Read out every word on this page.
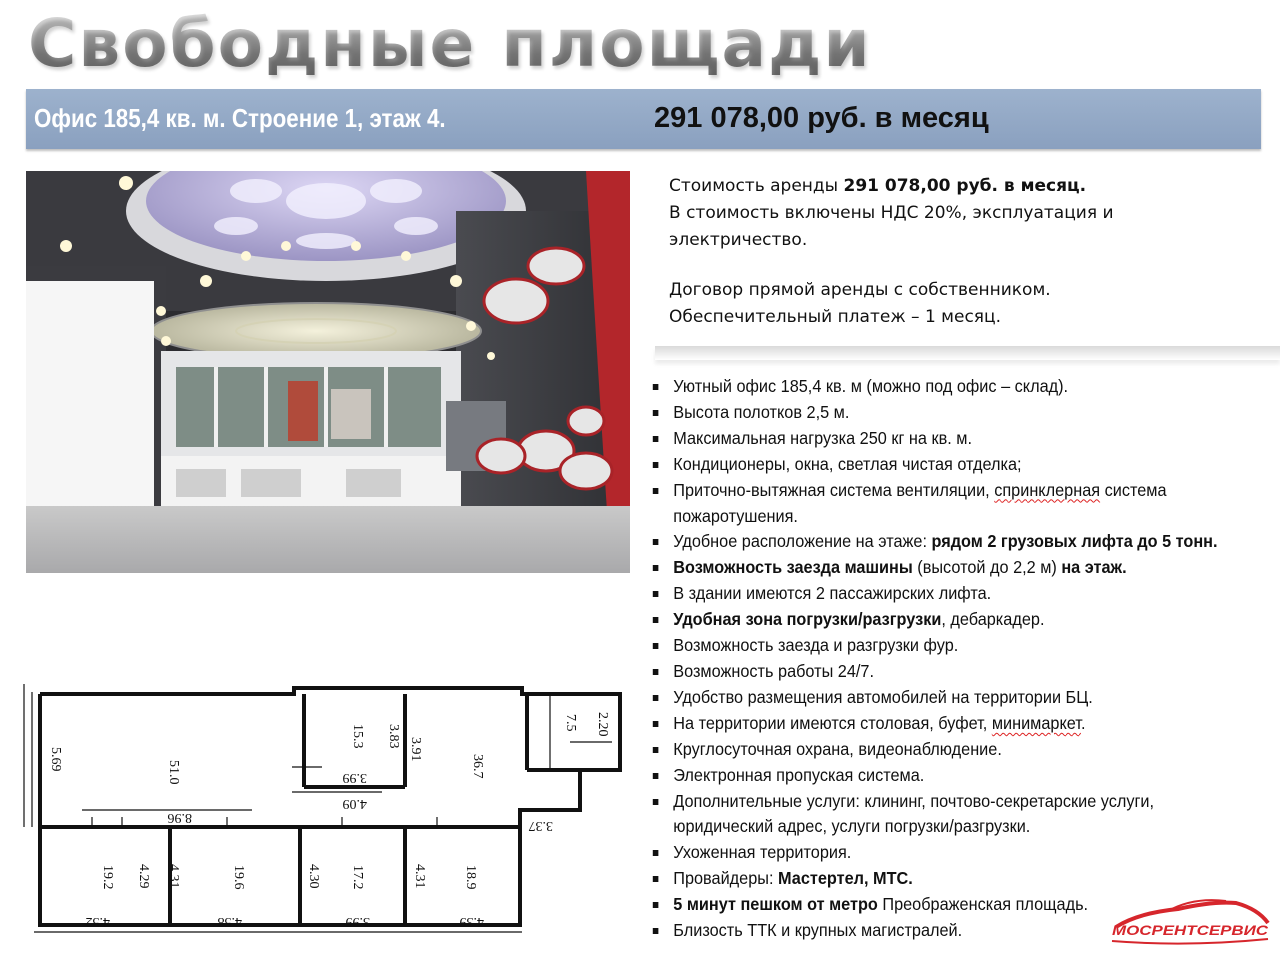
Свободные площади
Офис 185,4 кв. м. Строение 1, этаж 4.	291 078,00 руб. в месяц

Стоимость аренды 291 078,00 руб. в месяц.

В стоимость включены НДС 20%, эксплуатация и электричество.

Договор прямой аренды с собственником.

Обеспечительный платеж – 1 месяц.

Уютный офис 185,4 кв. м (можно под офис – склад).
Высота полотков 2,5 м.
Максимальная нагрузка 250 кг на кв. м.
Кондиционеры, окна, светлая чистая отделка;
Приточно-вытяжная система вентиляции, спринклерная система пожаротушения.
Удобное расположение на этаже: рядом 2 грузовых лифта до 5 тонн.
Возможность заезда машины (высотой до 2,2 м) на этаж.
В здании имеются 2 пассажирских лифта.
Удобная зона погрузки/разгрузки, дебаркадер.
Возможность заезда и разгрузки фур.
Возможность работы 24/7.
Удобство размещения автомобилей на территории БЦ.
На территории имеются столовая, буфет, минимаркет.
Круглосуточная охрана, видеонаблюдение.
Электронная пропуская система.
Дополнительные услуги: клининг, почтово-секретарские услуги, юридический адрес, услуги погрузки/разгрузки.
Ухоженная территория.
Провайдеры: Мастертел, МТС.
5 минут пешком от метро Преображенская площадь.
Близость ТТК и крупных магистралей.
51.0
15.3
36.7
7.5
19.2	19.6	17.2	18.9
5.69
8.96
3.99
3.83
3.91
4.09
2.20
3.37
4.29 4.31	4.30	4.31
4.52	4.58	3.99	4.39
МОСРЕНТСЕРВИС
